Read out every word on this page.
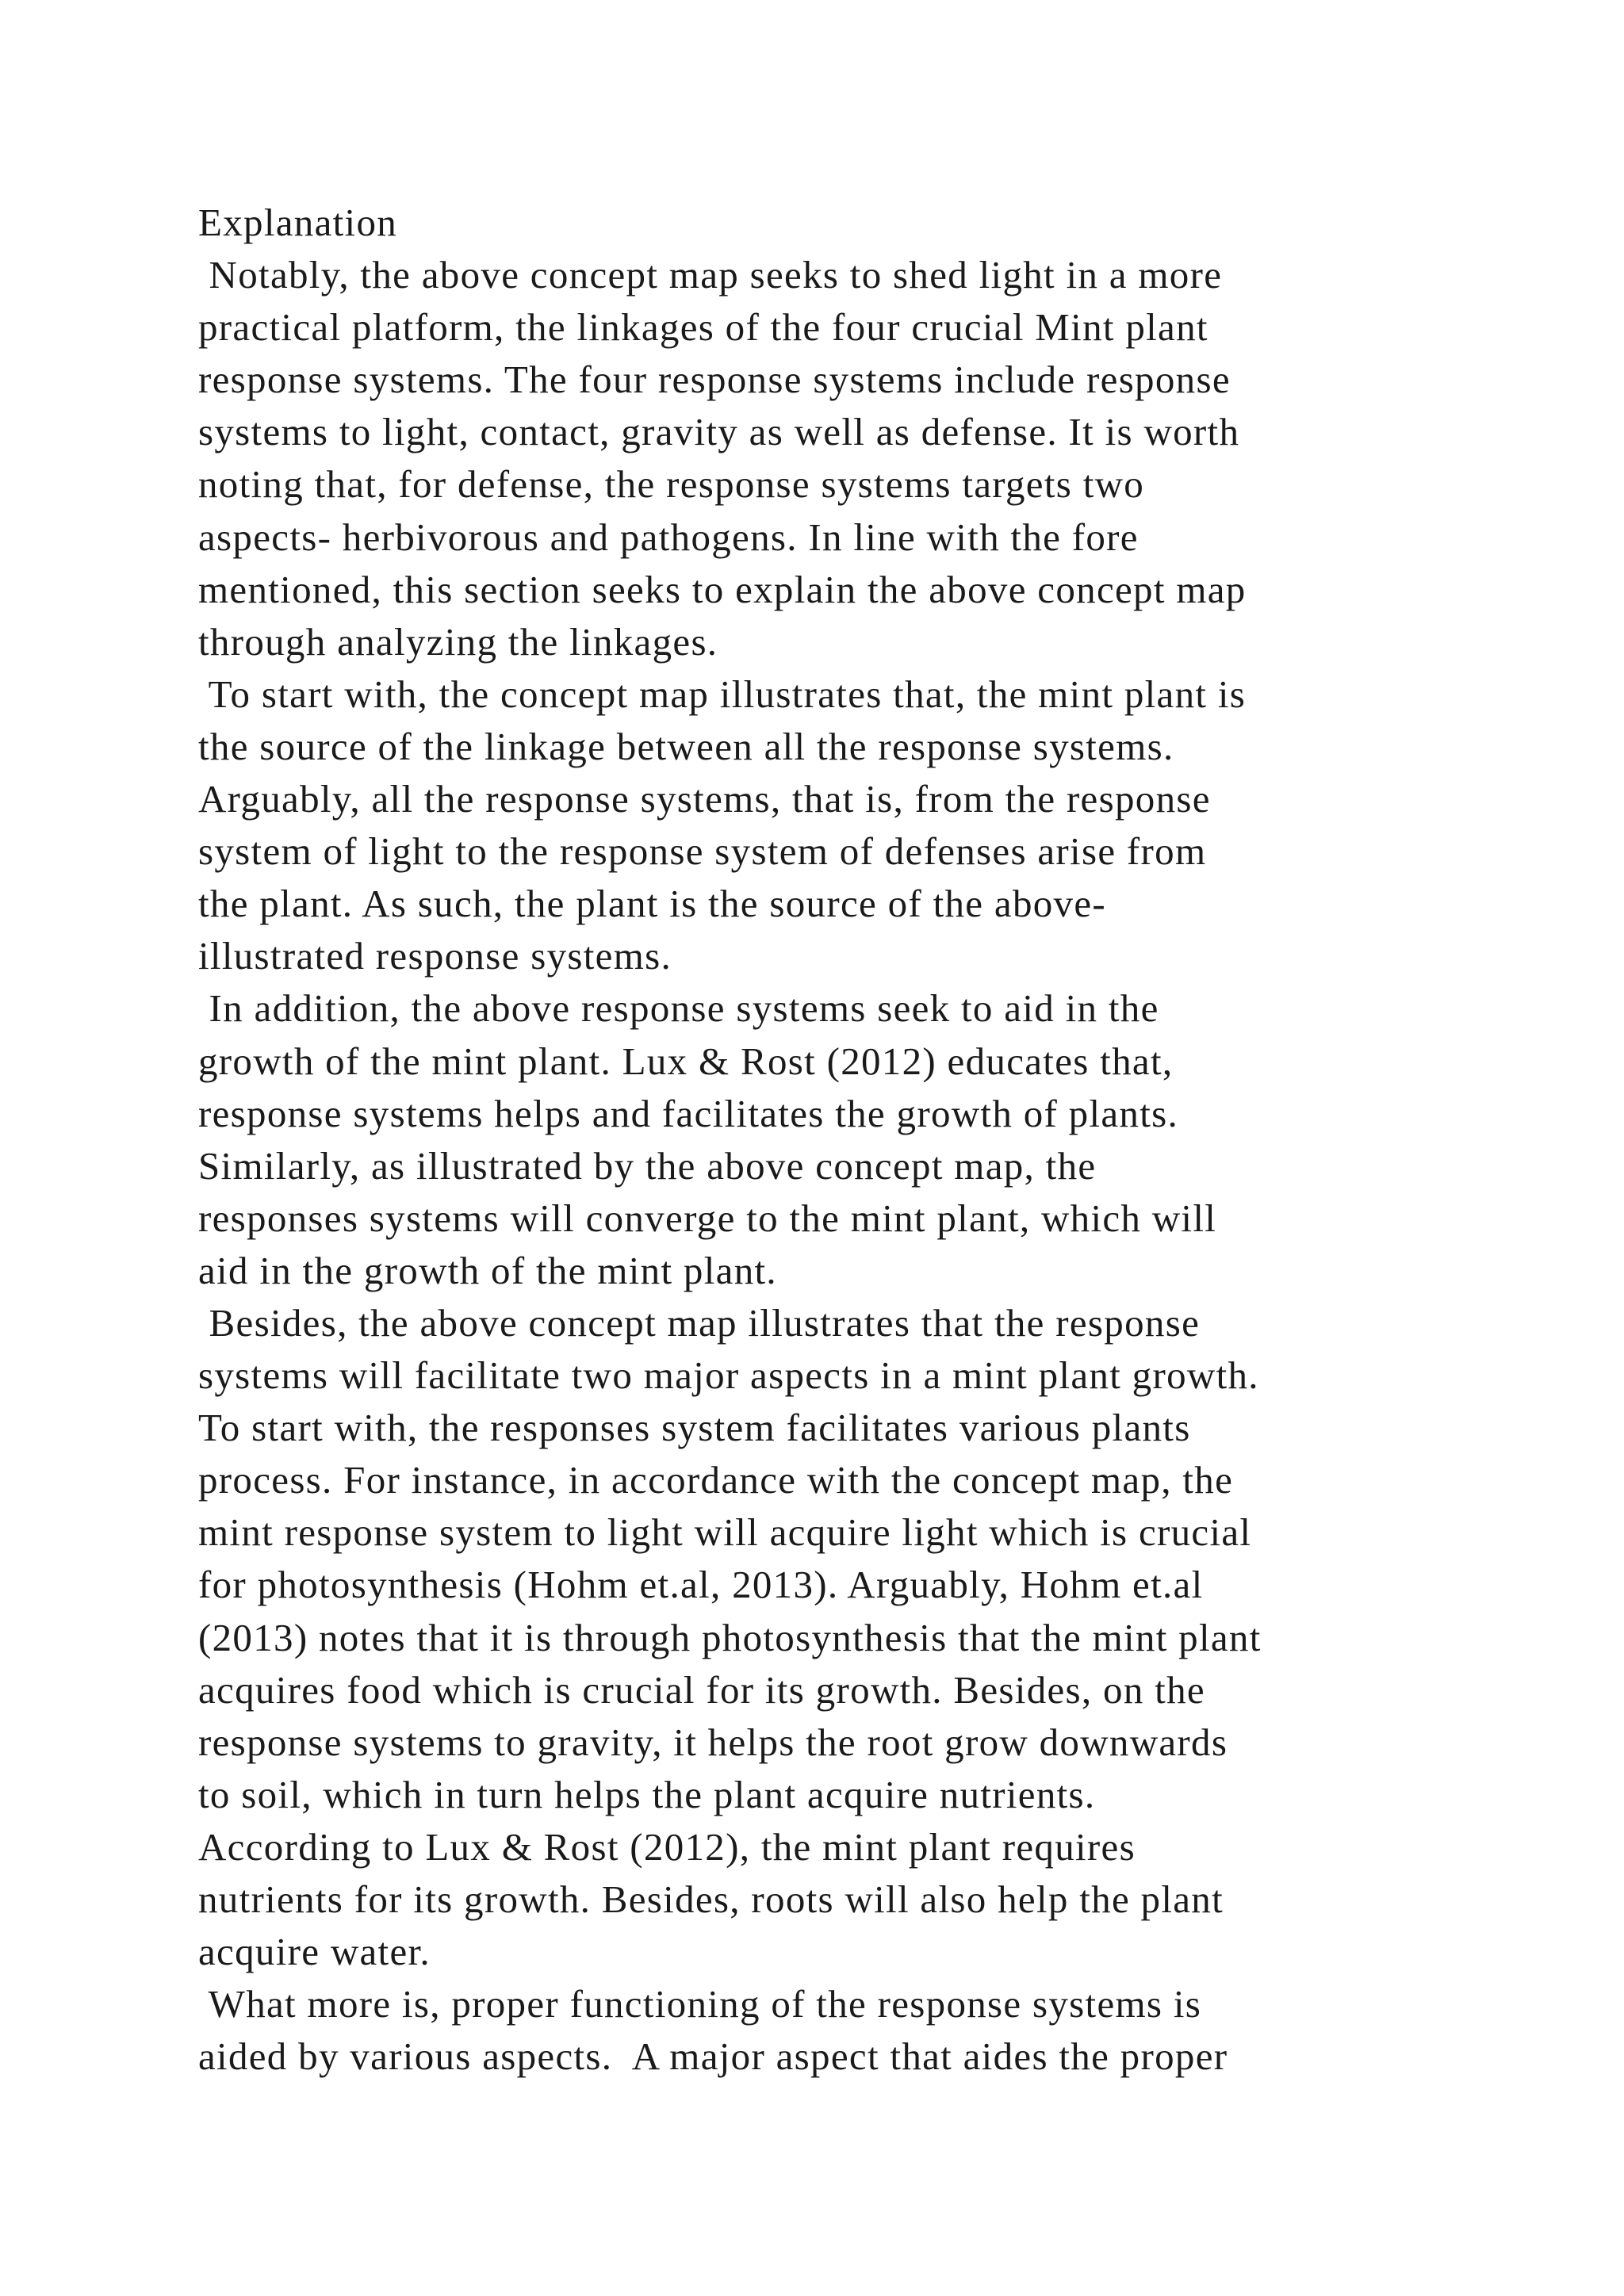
Explanation
Notably, the above concept map seeks to shed light in a more
practical platform, the linkages of the four crucial Mint plant
response systems. The four response systems include response
systems to light, contact, gravity as well as defense. It is worth
noting that, for defense, the response systems targets two
aspects- herbivorous and pathogens. In line with the fore
mentioned, this section seeks to explain the above concept map
through analyzing the linkages.
To start with, the concept map illustrates that, the mint plant is
the source of the linkage between all the response systems.
Arguably, all the response systems, that is, from the response
system of light to the response system of defenses arise from
the plant. As such, the plant is the source of the above-
illustrated response systems.
In addition, the above response systems seek to aid in the
growth of the mint plant. Lux & Rost (2012) educates that,
response systems helps and facilitates the growth of plants.
Similarly, as illustrated by the above concept map, the
responses systems will converge to the mint plant, which will
aid in the growth of the mint plant.
Besides, the above concept map illustrates that the response
systems will facilitate two major aspects in a mint plant growth.
To start with, the responses system facilitates various plants
process. For instance, in accordance with the concept map, the
mint response system to light will acquire light which is crucial
for photosynthesis (Hohm et.al, 2013). Arguably, Hohm et.al
(2013) notes that it is through photosynthesis that the mint plant
acquires food which is crucial for its growth. Besides, on the
response systems to gravity, it helps the root grow downwards
to soil, which in turn helps the plant acquire nutrients.
According to Lux & Rost (2012), the mint plant requires
nutrients for its growth. Besides, roots will also help the plant
acquire water.
What more is, proper functioning of the response systems is
aided by various aspects.  A major aspect that aides the proper
